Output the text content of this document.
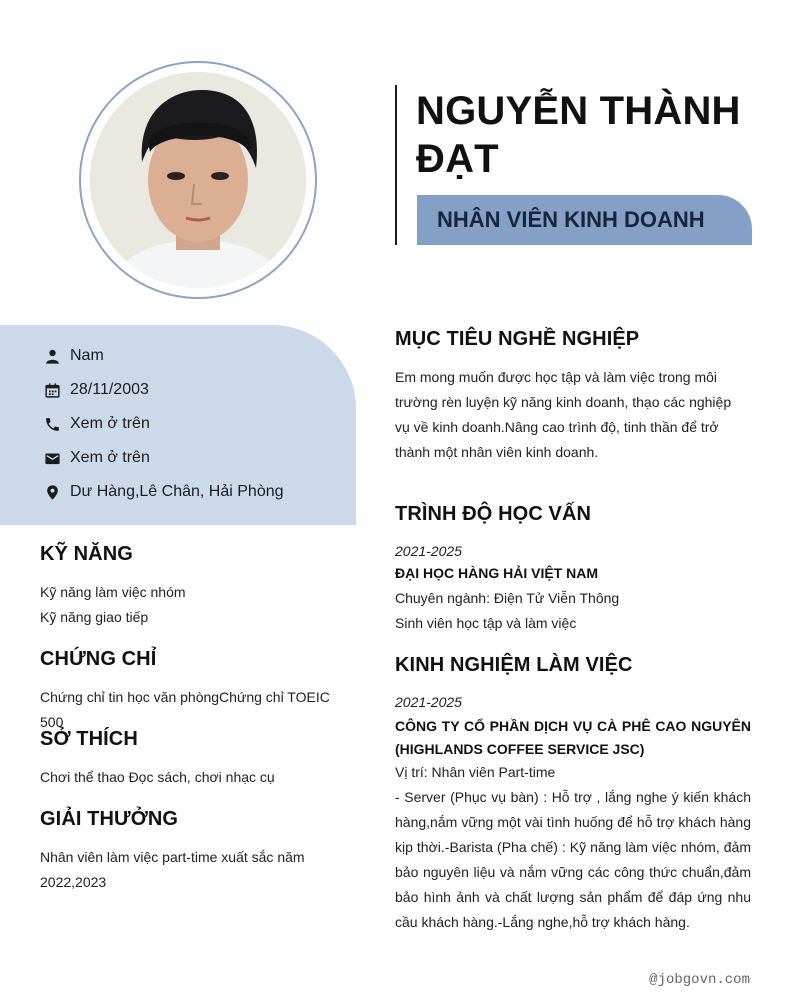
NGUYỄN THÀNH ĐẠT
NHÂN VIÊN KINH DOANH
Nam
28/11/2003
Xem ở trên
Xem ở trên
Dư Hàng,Lê Chân, Hải Phòng
KỸ NĂNG
Kỹ năng làm việc nhóm
Kỹ năng giao tiếp
CHỨNG CHỈ
Chứng chỉ tin học văn phòngChứng chỉ TOEIC 500
SỞ THÍCH
Chơi thể thao Đọc sách, chơi nhạc cụ
GIẢI THƯỞNG
Nhân viên làm việc part-time xuất sắc năm 2022,2023
MỤC TIÊU NGHỀ NGHIỆP
Em mong muốn được học tập và làm việc trong môi trường rèn luyện kỹ năng kinh doanh, thạo các nghiệp vụ về kinh doanh.Nâng cao trình độ, tinh thần để trở thành một nhân viên kinh doanh.
TRÌNH ĐỘ HỌC VẤN
2021-2025
ĐẠI HỌC HÀNG HẢI VIỆT NAM
Chuyên ngành: Điện Tử Viễn Thông
Sinh viên học tập và làm việc
KINH NGHIỆM LÀM VIỆC
2021-2025
CÔNG TY CỔ PHẦN DỊCH VỤ CÀ PHÊ CAO NGUYÊN (HIGHLANDS COFFEE SERVICE JSC)
Vị trí: Nhân viên Part-time
- Server (Phục vụ bàn) : Hỗ trợ , lắng nghe ý kiến khách hàng,nắm vững một vài tình huống để hỗ trợ khách hàng kịp thời.-Barista (Pha chế) : Kỹ năng làm việc nhóm, đảm bảo nguyên liệu và nắm vững các công thức chuẩn,đảm bảo hình ảnh và chất lượng sản phẩm để đáp ứng nhu cầu khách hàng.-Lắng nghe,hỗ trợ khách hàng.
@jobgovn.com
